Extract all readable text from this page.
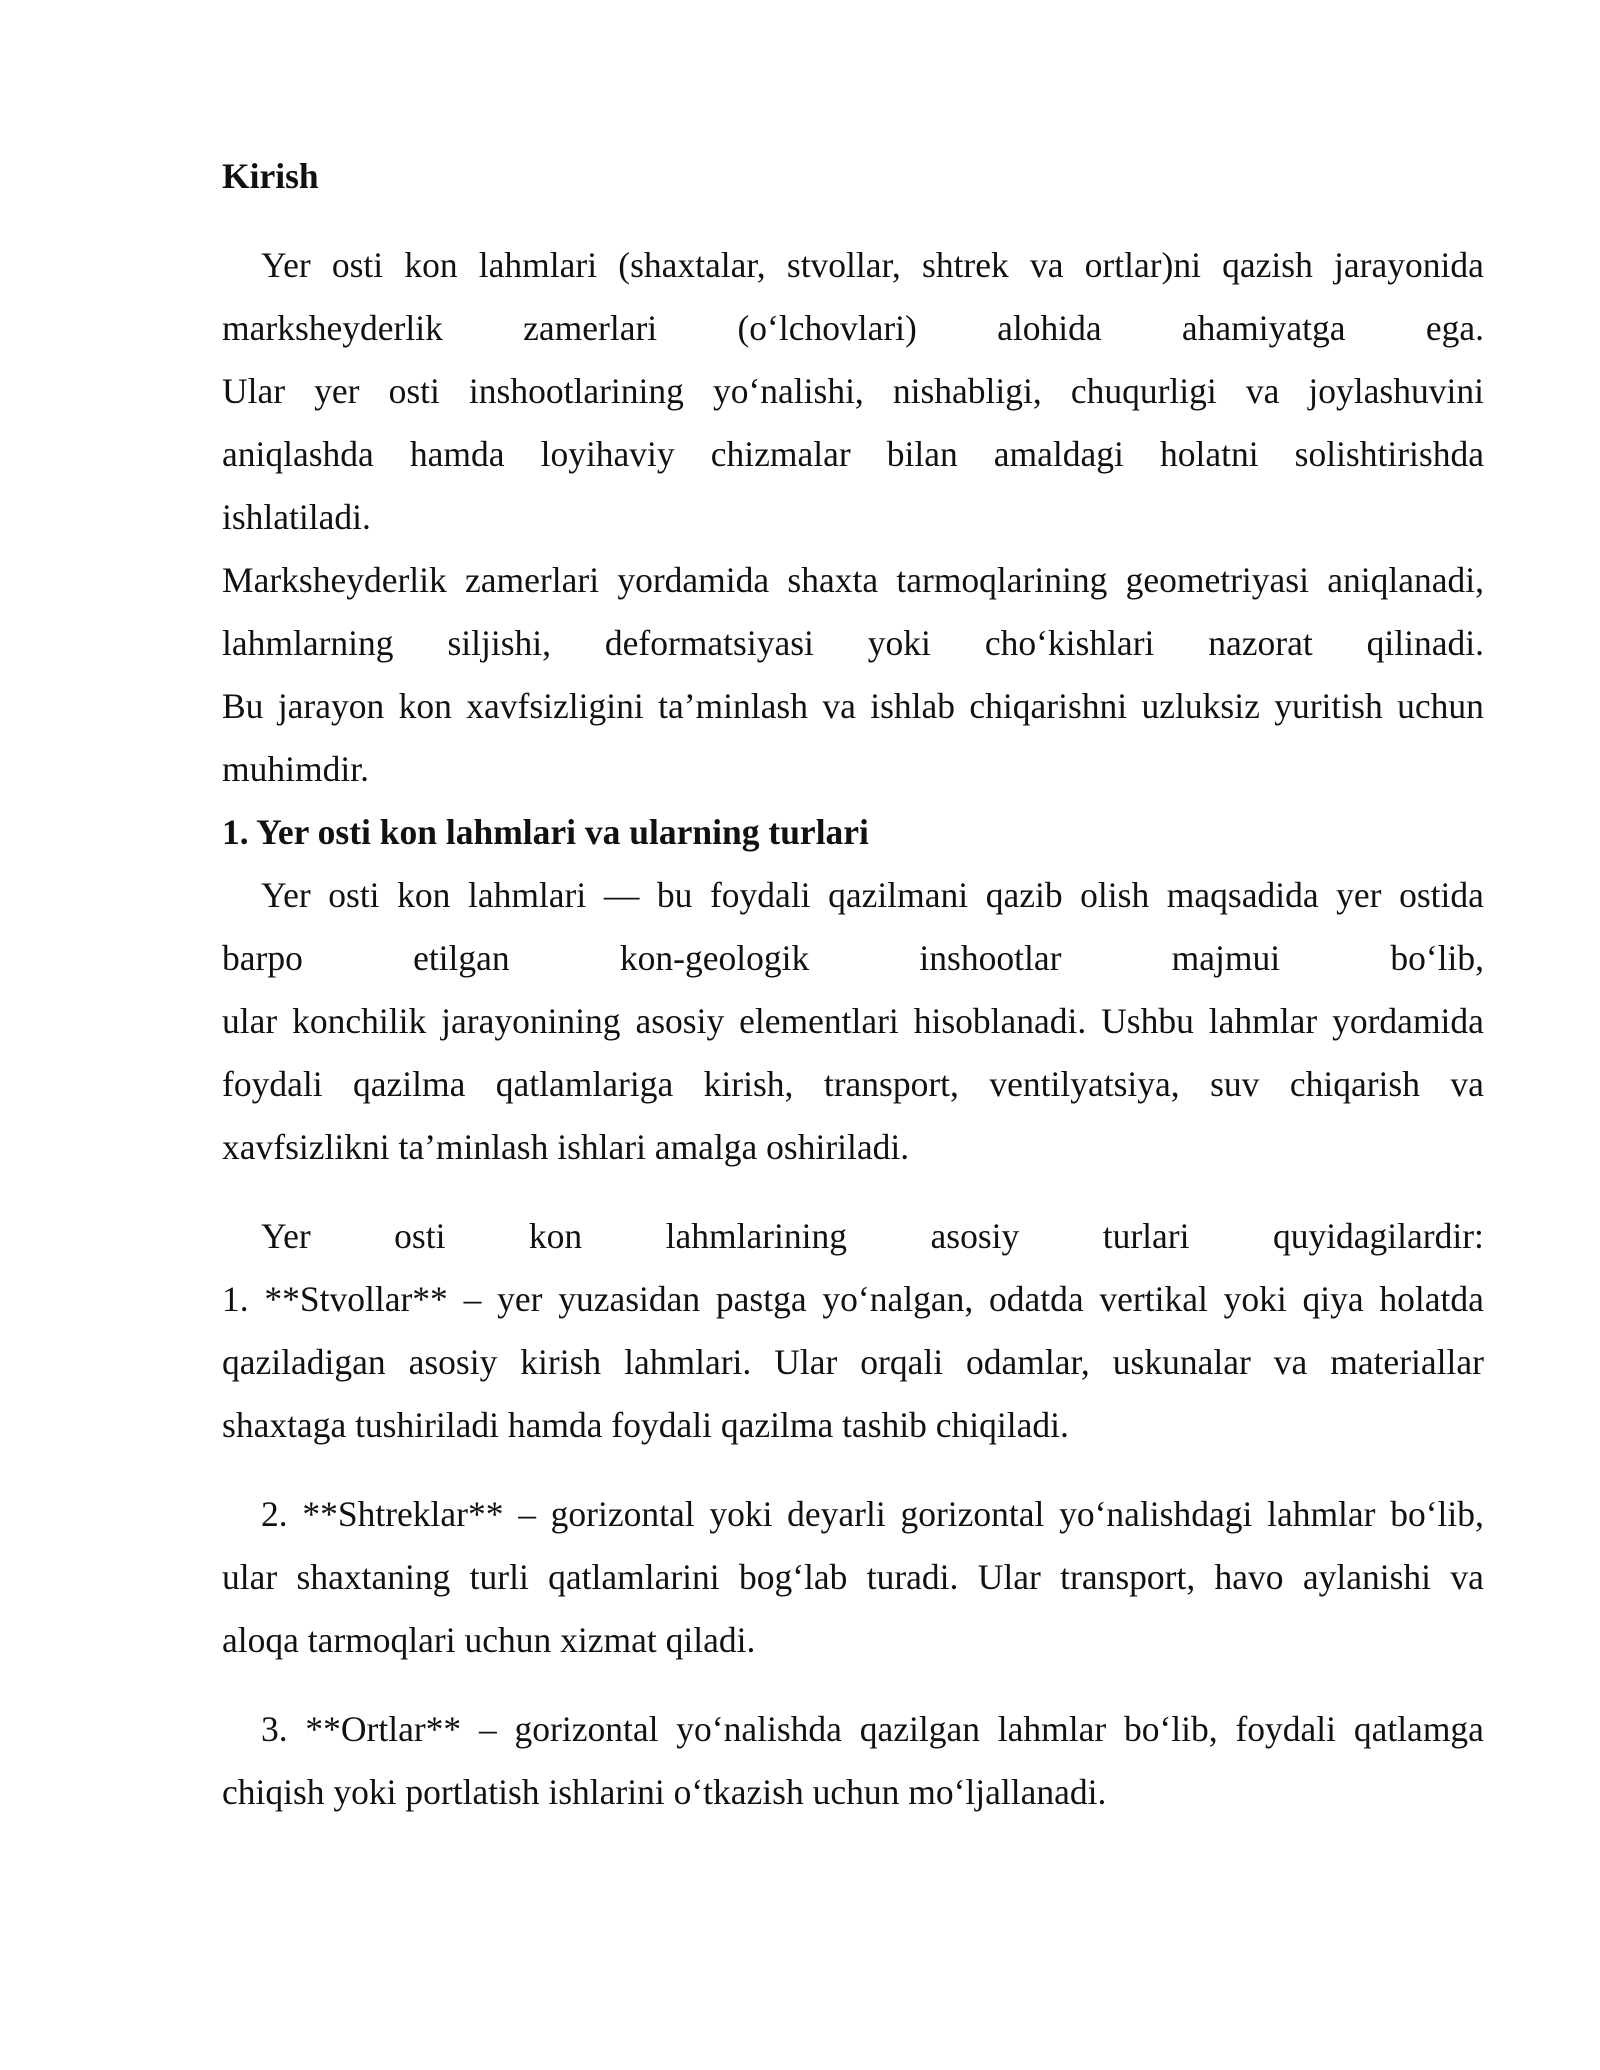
Kirish
Yer osti kon lahmlari (shaxtalar, stvollar, shtrek va ortlar)ni qazish jarayonida
marksheyderlik zamerlari (o‘lchovlari) alohida ahamiyatga ega.
Ular yer osti inshootlarining yo‘nalishi, nishabligi, chuqurligi va joylashuvini
aniqlashda hamda loyihaviy chizmalar bilan amaldagi holatni solishtirishda
ishlatiladi.
Marksheyderlik zamerlari yordamida shaxta tarmoqlarining geometriyasi aniqlanadi,
lahmlarning siljishi, deformatsiyasi yoki cho‘kishlari nazorat qilinadi.
Bu jarayon kon xavfsizligini ta’minlash va ishlab chiqarishni uzluksiz yuritish uchun
muhimdir.
1. Yer osti kon lahmlari va ularning turlari
Yer osti kon lahmlari — bu foydali qazilmani qazib olish maqsadida yer ostida
barpo	etilgan	kon-geologik	inshootlar	majmui	bo‘lib,
ular konchilik jarayonining asosiy elementlari hisoblanadi. Ushbu lahmlar yordamida
foydali qazilma qatlamlariga kirish, transport, ventilyatsiya, suv chiqarish va
xavfsizlikni ta’minlash ishlari amalga oshiriladi.
Yer osti kon lahmlarining asosiy turlari quyidagilardir:
1. **Stvollar** – yer yuzasidan pastga yo‘nalgan, odatda vertikal yoki qiya holatda
qaziladigan asosiy kirish lahmlari. Ular orqali odamlar, uskunalar va materiallar
shaxtaga tushiriladi hamda foydali qazilma tashib chiqiladi.
2. **Shtreklar** – gorizontal yoki deyarli gorizontal yo‘nalishdagi lahmlar bo‘lib,
ular shaxtaning turli qatlamlarini bog‘lab turadi. Ular transport, havo aylanishi va
aloqa tarmoqlari uchun xizmat qiladi.
3. **Ortlar** – gorizontal yo‘nalishda qazilgan lahmlar bo‘lib, foydali qatlamga
chiqish yoki portlatish ishlarini o‘tkazish uchun mo‘ljallanadi.
